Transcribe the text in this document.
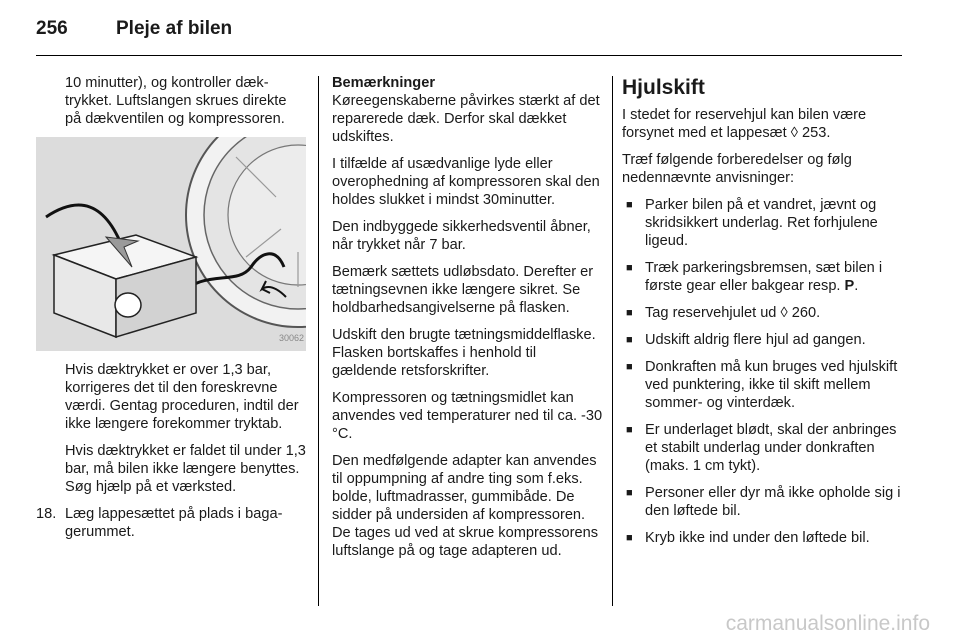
256	Pleje af bilen

10 minutter), og kontroller dæktrykket. Luftslangen skrues direkte på dækventilen og kompressoren.

30062

Hvis dæktrykket er over 1,3 bar, korrigeres det til den foreskrevne værdi. Gentag proceduren, indtil der ikke længere forekommer tryktab.

Hvis dæktrykket er faldet til under 1,3 bar, må bilen ikke længere benyttes. Søg hjælp på et værksted.

18. Læg lappesættet på plads i bagagerummet.
Bemærkninger

Køreegenskaberne påvirkes stærkt af det reparerede dæk. Derfor skal dækket udskiftes.

I tilfælde af usædvanlige lyde eller overophedning af kompressoren skal den holdes slukket i mindst 30minutter.

Den indbyggede sikkerhedsventil åbner, når trykket når 7 bar.

Bemærk sættets udløbsdato. Derefter er tætningsevnen ikke længere sikret. Se holdbarhedsangivelserne på flasken.

Udskift den brugte tætningsmiddelflaske. Flasken bortskaffes i henhold til gældende retsforskrifter.

Kompressoren og tætningsmidlet kan anvendes ved temperaturer ned til ca. -30 °C.

Den medfølgende adapter kan anvendes til oppumpning af andre ting som f.eks. bolde, luftmadrasser, gummibåde. De sidder på undersiden af kompressoren. De tages ud ved at skrue kompressorens luftslange på og tage adapteren ud.

Hjulskift

I stedet for reservehjul kan bilen være forsynet med et lappesæt ◊ 253.

Træf følgende forberedelser og følg nedennævnte anvisninger:

■ Parker bilen på et vandret, jævnt og skridsikkert underlag. Ret forhjulene ligeud.
■ Træk parkeringsbremsen, sæt bilen i første gear eller bakgear resp. P.
■ Tag reservehjulet ud ◊ 260.
■ Udskift aldrig flere hjul ad gangen.
■ Donkraften må kun bruges ved hjulskift ved punktering, ikke til skift mellem sommer- og vinterdæk.
■ Er underlaget blødt, skal der anbringes et stabilt underlag under donkraften (maks. 1 cm tykt).
■ Personer eller dyr må ikke opholde sig i den løftede bil.
■ Kryb ikke ind under den løftede bil.
carmanualsonline.info
